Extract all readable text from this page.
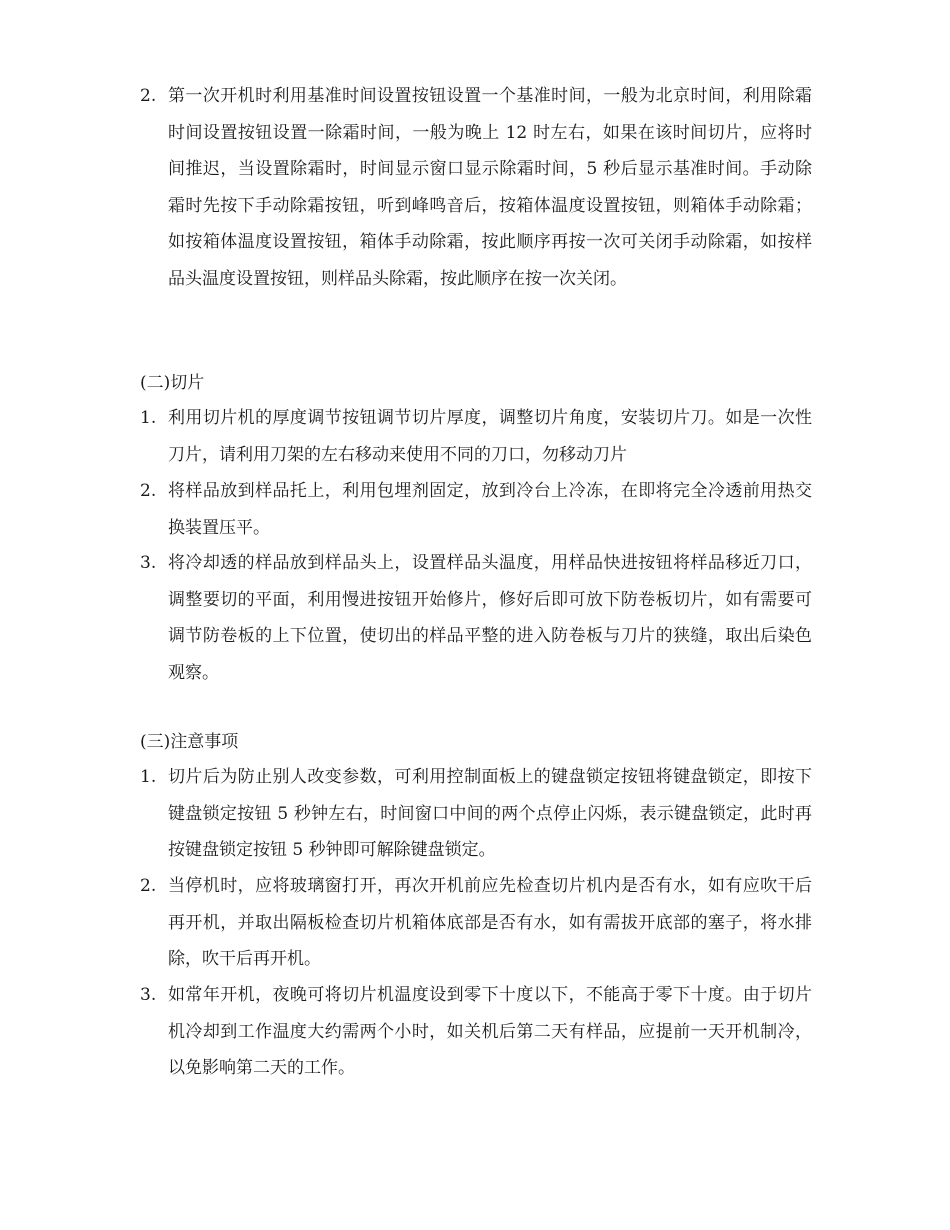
2. 第一次开机时利用基准时间设置按钮设置一个基准时间，一般为北京时间，利用除霜时间设置按钮设置一除霜时间，一般为晚上 12 时左右，如果在该时间切片，应将时间推迟，当设置除霜时，时间显示窗口显示除霜时间，5 秒后显示基准时间。手动除霜时先按下手动除霜按钮，听到峰鸣音后，按箱体温度设置按钮，则箱体手动除霜；如按箱体温度设置按钮，箱体手动除霜，按此顺序再按一次可关闭手动除霜，如按样品头温度设置按钮，则样品头除霜，按此顺序在按一次关闭。
(二)切片
1. 利用切片机的厚度调节按钮调节切片厚度，调整切片角度，安装切片刀。如是一次性刀片，请利用刀架的左右移动来使用不同的刀口，勿移动刀片
2. 将样品放到样品托上，利用包埋剂固定，放到冷台上冷冻，在即将完全冷透前用热交换装置压平。
3. 将冷却透的样品放到样品头上，设置样品头温度，用样品快进按钮将样品移近刀口，调整要切的平面，利用慢进按钮开始修片，修好后即可放下防卷板切片，如有需要可调节防卷板的上下位置，使切出的样品平整的进入防卷板与刀片的狭缝，取出后染色观察。
(三)注意事项
1. 切片后为防止别人改变参数，可利用控制面板上的键盘锁定按钮将键盘锁定，即按下键盘锁定按钮 5 秒钟左右，时间窗口中间的两个点停止闪烁，表示键盘锁定，此时再按键盘锁定按钮 5 秒钟即可解除键盘锁定。
2. 当停机时，应将玻璃窗打开，再次开机前应先检查切片机内是否有水，如有应吹干后再开机，并取出隔板检查切片机箱体底部是否有水，如有需拔开底部的塞子，将水排除，吹干后再开机。
3. 如常年开机，夜晚可将切片机温度设到零下十度以下，不能高于零下十度。由于切片机冷却到工作温度大约需两个小时，如关机后第二天有样品，应提前一天开机制冷，以免影响第二天的工作。
